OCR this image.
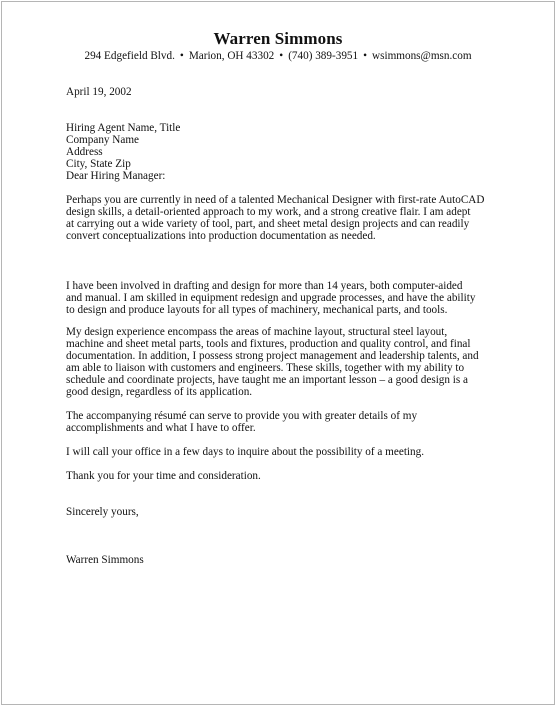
Warren Simmons
294 Edgefield Blvd. • Marion, OH 43302 • (740) 389-3951 • wsimmons@msn.com
April 19, 2002

Hiring Agent Name, Title

Company Name

Address

City, State Zip

Dear Hiring Manager:

Perhaps you are currently in need of a talented Mechanical Designer with first-rate AutoCAD

design skills, a detail-oriented approach to my work, and a strong creative flair. I am adept

at carrying out a wide variety of tool, part, and sheet metal design projects and can readily

convert conceptualizations into production documentation as needed.

I have been involved in drafting and design for more than 14 years, both computer-aided

and manual. I am skilled in equipment redesign and upgrade processes, and have the ability

to design and produce layouts for all types of machinery, mechanical parts, and tools.

My design experience encompass the areas of machine layout, structural steel layout,

machine and sheet metal parts, tools and fixtures, production and quality control, and final

documentation. In addition, I possess strong project management and leadership talents, and

am able to liaison with customers and engineers. These skills, together with my ability to

schedule and coordinate projects, have taught me an important lesson – a good design is a

good design, regardless of its application.

The accompanying résumé can serve to provide you with greater details of my

accomplishments and what I have to offer.

I will call your office in a few days to inquire about the possibility of a meeting.

Thank you for your time and consideration.

Sincerely yours,
Warren Simmons
